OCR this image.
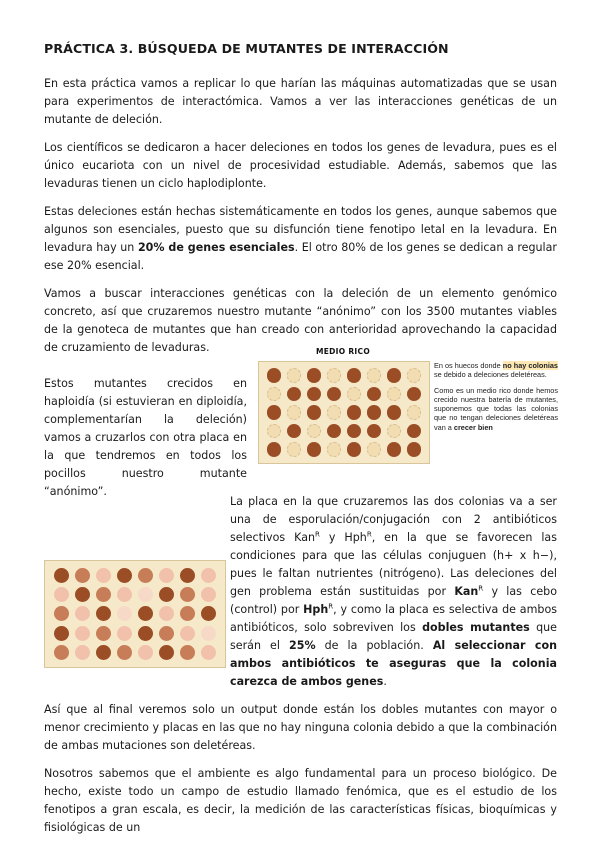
PRÁCTICA 3. BÚSQUEDA DE MUTANTES DE INTERACCIÓN

En esta práctica vamos a replicar lo que harían las máquinas automatizadas que se usan para experimentos de interactómica. Vamos a ver las interacciones genéticas de un mutante de deleción.

Los científicos se dedicaron a hacer deleciones en todos los genes de levadura, pues es el único eucariota con un nivel de procesividad estudiable. Además, sabemos que las levaduras tienen un ciclo haplodiplonte.

Estas deleciones están hechas sistemáticamente en todos los genes, aunque sabemos que algunos son esenciales, puesto que su disfunción tiene fenotipo letal en la levadura. En levadura hay un 20% de genes esenciales. El otro 80% de los genes se dedican a regular ese 20% esencial.

Vamos a buscar interacciones genéticas con la deleción de un elemento genómico concreto, así que cruzaremos nuestro mutante “anónimo” con los 3500 mutantes viables de la genoteca de mutantes que han creado con anterioridad aprovechando la capacidad de cruzamiento de levaduras.

Estos mutantes crecidos en haploidía (si estuvieran en diploidía, complementarían la deleción) vamos a cruzarlos con otra placa en la que tendremos en todos los pocillos nuestro mutante “anónimo”.
MEDIO RICO

En os huecos donde no hay colonias se debido a deleciones deletéreas.

Como es un medio rico donde hemos crecido nuestra batería de mutantes, suponemos que todas las colonias que no tengan deleciones deletéreas van a crecer bien

La placa en la que cruzaremos las dos colonias va a ser una de esporulación/conjugación con 2 antibióticos selectivos Kan$^R$ y Hph$^R$, en la que se favorecen las condiciones para que las células conjuguen (h+ x h−), pues le faltan nutrientes (nitrógeno). Las deleciones del gen problema están sustituidas por Kan$^R$ y las cebo (control) por Hph$^R$, y como la placa es selectiva de ambos antibióticos, solo sobreviven los dobles mutantes que serán el 25% de la población. Al seleccionar con ambos antibióticos te aseguras que la colonia carezca de ambos genes.

Así que al final veremos solo un output donde están los dobles mutantes con mayor o menor crecimiento y placas en las que no hay ninguna colonia debido a que la combinación de ambas mutaciones son deletéreas.

Nosotros sabemos que el ambiente es algo fundamental para un proceso biológico. De hecho, existe todo un campo de estudio llamado fenómica, que es el estudio de los fenotipos a gran escala, es decir, la medición de las características físicas, bioquímicas y fisiológicas de un
